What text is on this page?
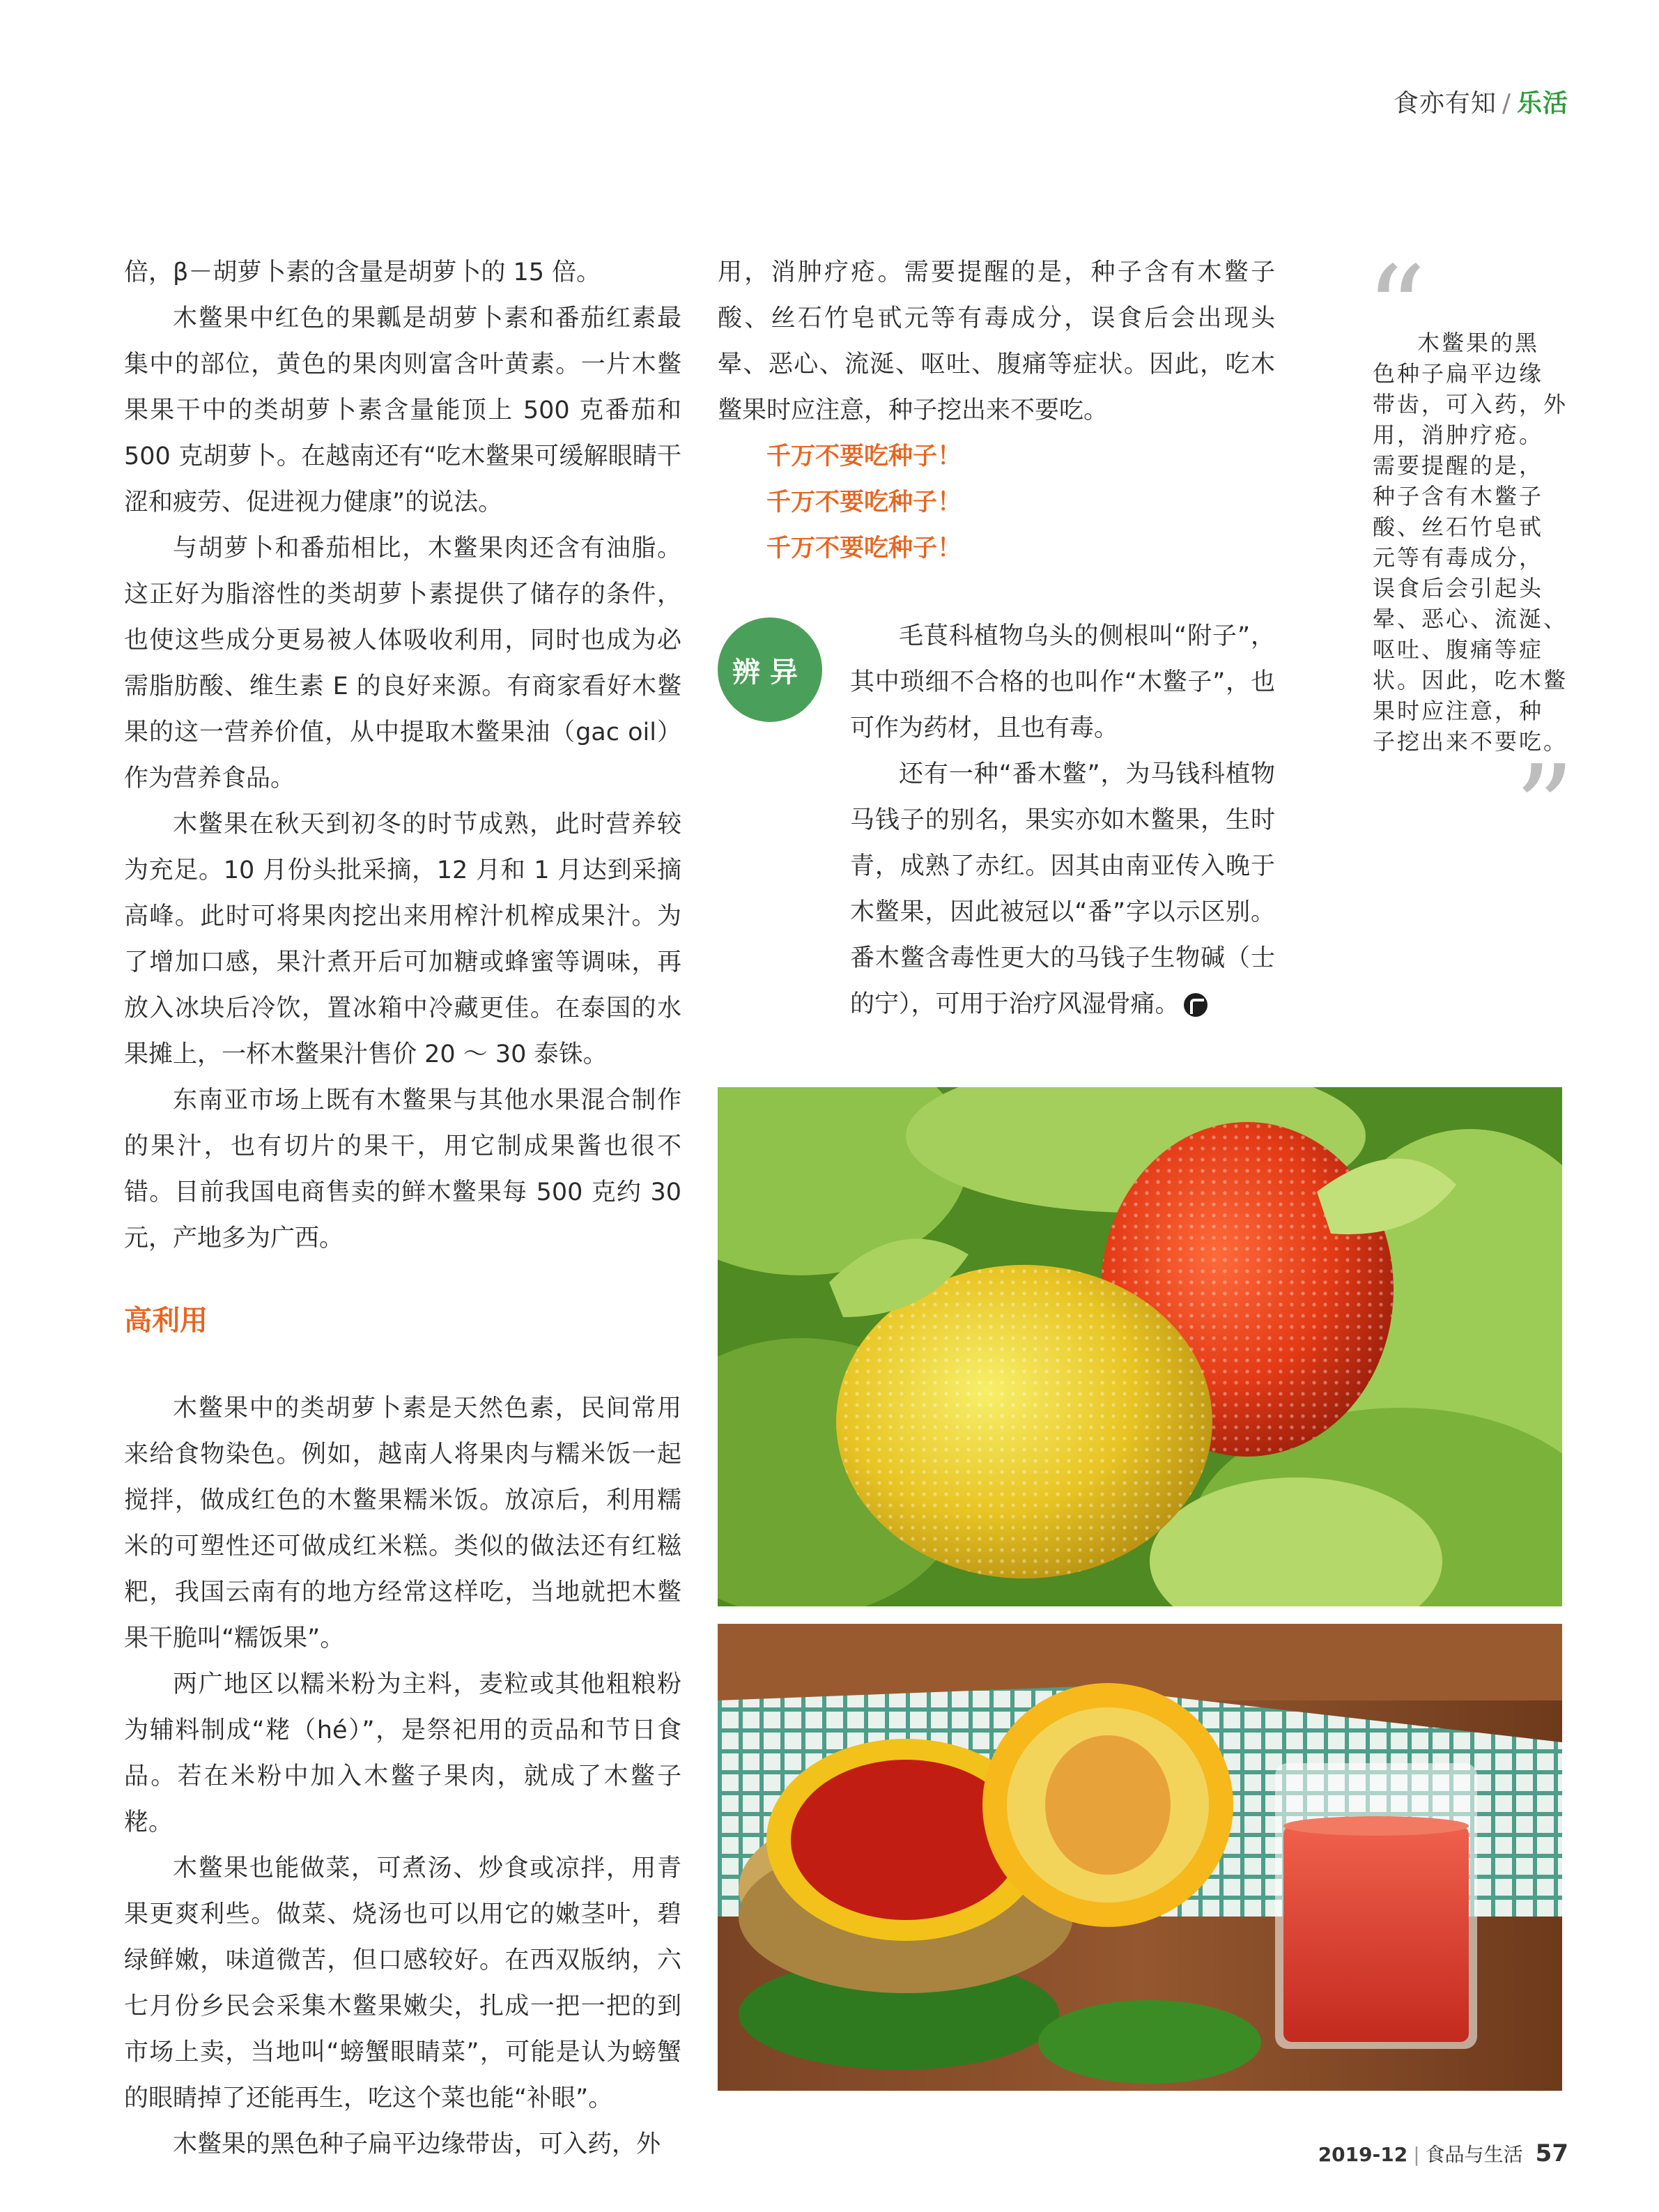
食亦有知 / 乐活

倍，β－胡萝卜素的含量是胡萝卜的 15 倍。

木鳖果中红色的果瓤是胡萝卜素和番茄红素最集中的部位，黄色的果肉则富含叶黄素。一片木鳖果果干中的类胡萝卜素含量能顶上 500 克番茄和 500 克胡萝卜。在越南还有“吃木鳖果可缓解眼睛干涩和疲劳、促进视力健康”的说法。

与胡萝卜和番茄相比，木鳖果肉还含有油脂。这正好为脂溶性的类胡萝卜素提供了储存的条件，也使这些成分更易被人体吸收利用，同时也成为必需脂肪酸、维生素 E 的良好来源。有商家看好木鳖果的这一营养价值，从中提取木鳖果油（gac oil）作为营养食品。

木鳖果在秋天到初冬的时节成熟，此时营养较为充足。10 月份头批采摘，12 月和 1 月达到采摘高峰。此时可将果肉挖出来用榨汁机榨成果汁。为了增加口感，果汁煮开后可加糖或蜂蜜等调味，再放入冰块后冷饮，置冰箱中冷藏更佳。在泰国的水果摊上，一杯木鳖果汁售价 20 ～ 30 泰铢。

东南亚市场上既有木鳖果与其他水果混合制作的果汁，也有切片的果干，用它制成果酱也很不错。目前我国电商售卖的鲜木鳖果每 500 克约 30 元，产地多为广西。

高利用

木鳖果中的类胡萝卜素是天然色素，民间常用来给食物染色。例如，越南人将果肉与糯米饭一起搅拌，做成红色的木鳖果糯米饭。放凉后，利用糯米的可塑性还可做成红米糕。类似的做法还有红糍粑，我国云南有的地方经常这样吃，当地就把木鳖果干脆叫“糯饭果”。

两广地区以糯米粉为主料，麦粒或其他粗粮粉为辅料制成“粩（hé）”，是祭祀用的贡品和节日食品。若在米粉中加入木鳖子果肉，就成了木鳖子粩。

木鳖果也能做菜，可煮汤、炒食或凉拌，用青果更爽利些。做菜、烧汤也可以用它的嫩茎叶，碧绿鲜嫩，味道微苦，但口感较好。在西双版纳，六七月份乡民会采集木鳖果嫩尖，扎成一把一把的到市场上卖，当地叫“螃蟹眼睛菜”，可能是认为螃蟹的眼睛掉了还能再生，吃这个菜也能“补眼”。

木鳖果的黑色种子扁平边缘带齿，可入药，外

用，消肿疗疮。需要提醒的是，种子含有木鳖子酸、丝石竹皂甙元等有毒成分，误食后会出现头晕、恶心、流涎、呕吐、腹痛等症状。因此，吃木鳖果时应注意，种子挖出来不要吃。

千万不要吃种子！
千万不要吃种子！
千万不要吃种子！
辨异

毛茛科植物乌头的侧根叫“附子”，其中琐细不合格的也叫作“木鳖子”，也可作为药材，且也有毒。

还有一种“番木鳖”，为马钱科植物马钱子的别名，果实亦如木鳖果，生时青，成熟了赤红。因其由南亚传入晚于木鳖果，因此被冠以“番”字以示区别。番木鳖含毒性更大的马钱子生物碱（士的宁），可用于治疗风湿骨痛。

“
木鳖果的黑
色种子扁平边缘
带齿，可入药，外
用，消肿疗疮。
需要提醒的是，
种子含有木鳖子
酸、丝石竹皂甙
元等有毒成分，
误食后会引起头
晕、恶心、流涎、
呕吐、腹痛等症
状。因此，吃木鳖
果时应注意，种
子挖出来不要吃。
”
2019-12 | 食品与生活 57
